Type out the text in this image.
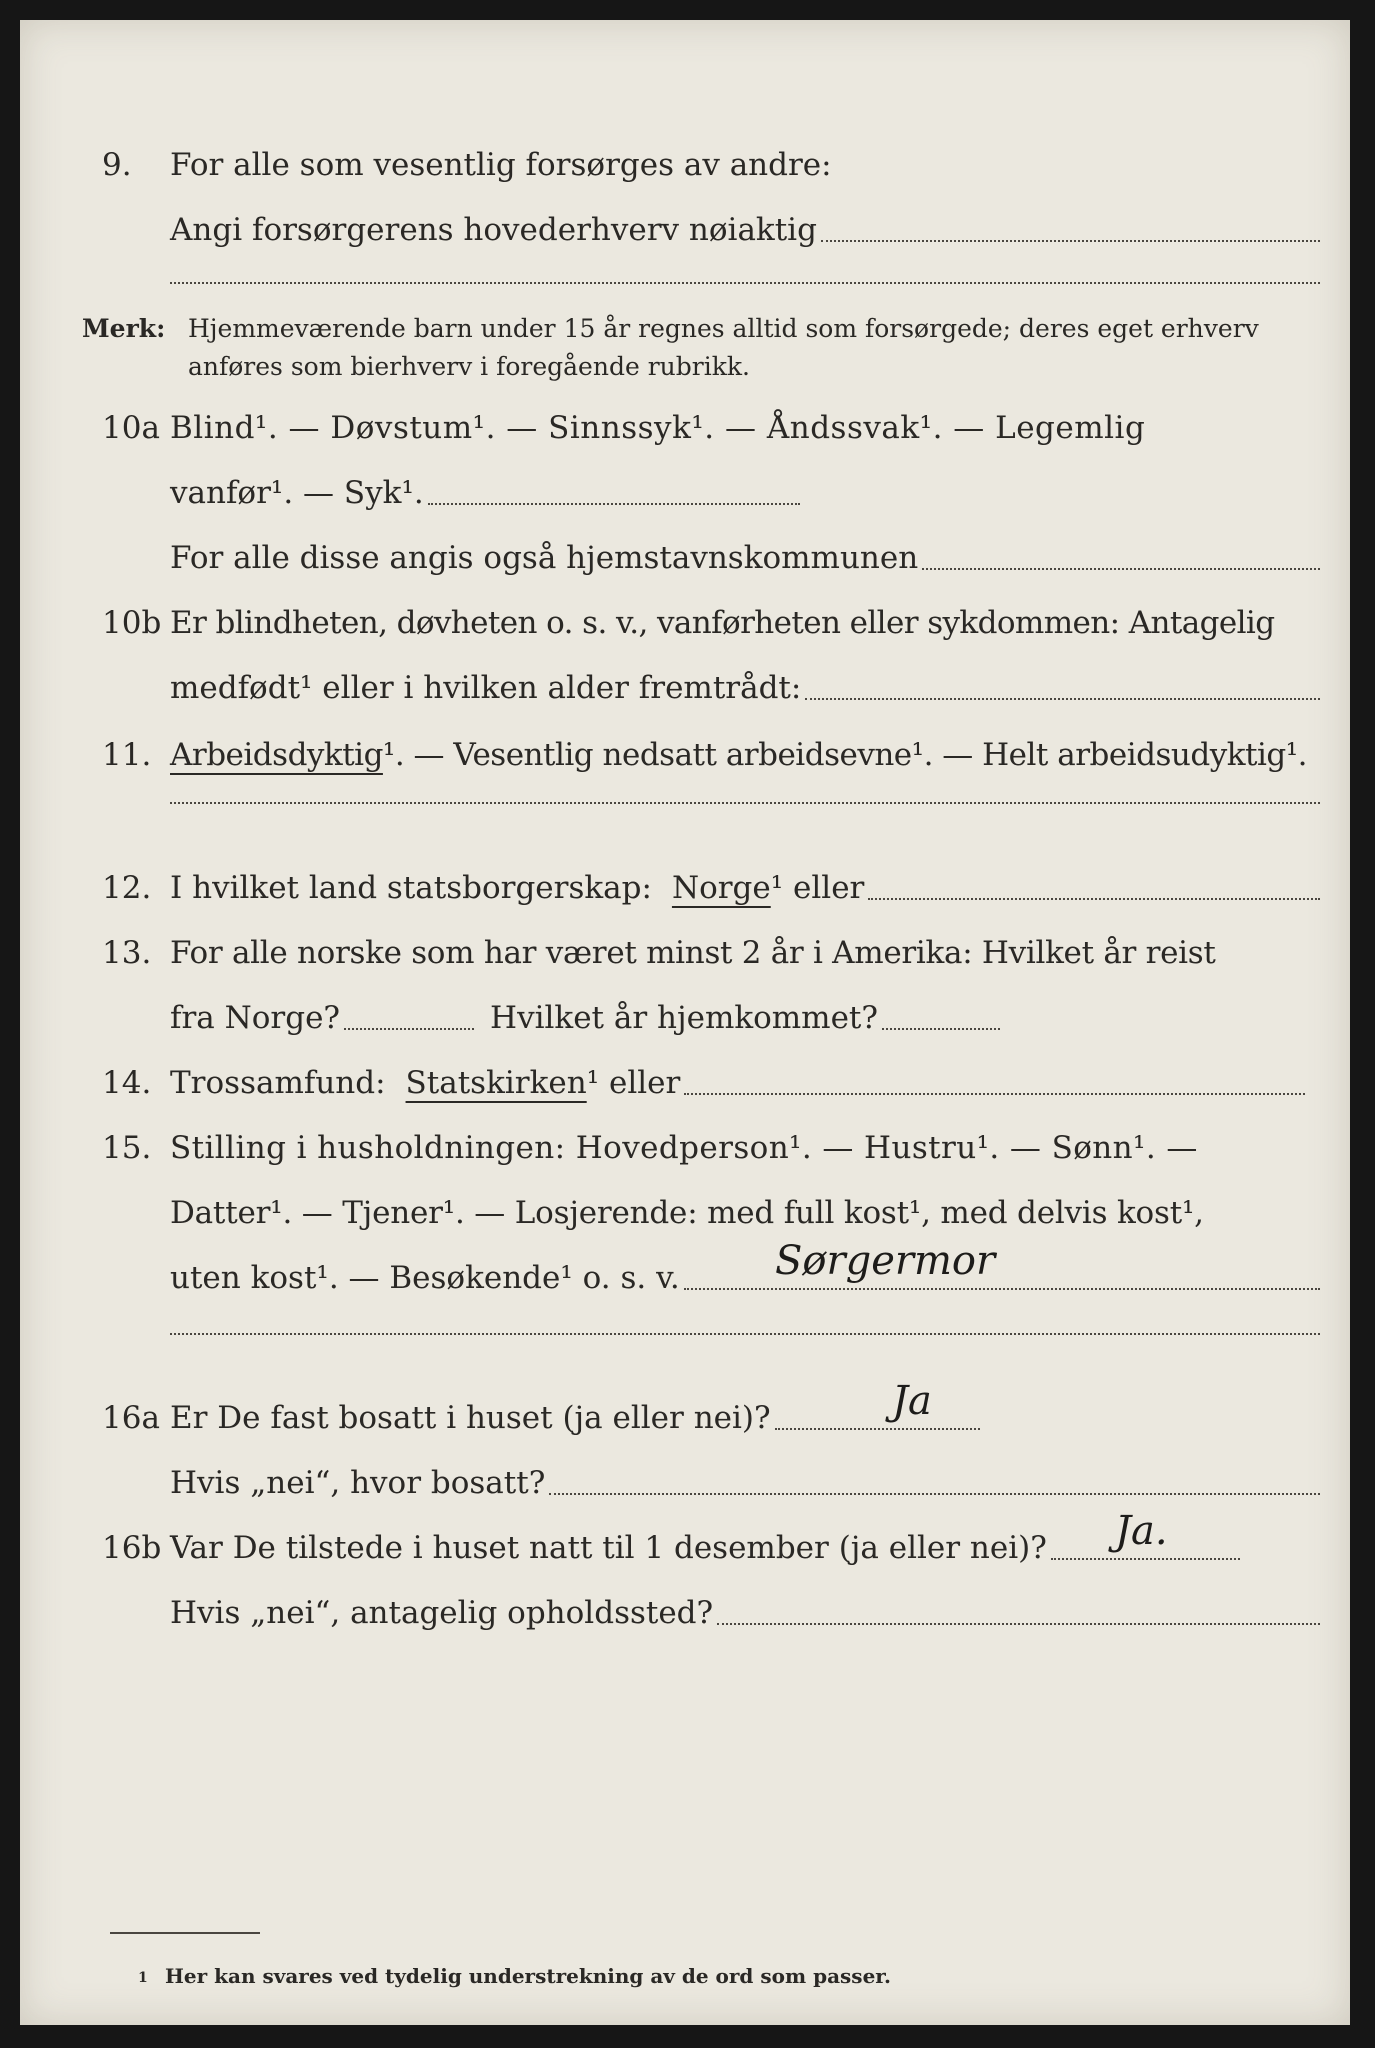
9.	For alle som vesentlig forsørges av andre:
Angi forsørgerens hovederhverv nøiaktig
Merk: Hjemmeværende barn under 15 år regnes alltid som forsørgede; deres eget erhverv
anføres som bierhverv i foregående rubrikk.
10a Blind¹. — Døvstum¹. — Sinnssyk¹. — Åndssvak¹. — Legemlig
vanfør¹. — Syk¹.
For alle disse angis også hjemstavnskommunen
10b Er blindheten, døvheten o. s. v., vanførheten eller sykdommen: Antagelig
medfødt¹ eller i hvilken alder fremtrådt:
11. Arbeidsdyktig ¹. — Vesentlig nedsatt arbeidsevne¹. — Helt arbeidsudyktig¹.
12. I hvilket land statsborgerskap: Norge ¹ eller
13. For alle norske som har været minst 2 år i Amerika: Hvilket år reist
fra Norge?	Hvilket år hjemkommet?
14. Trossamfund: Statskirken ¹ eller
15. Stilling i husholdningen: Hovedperson¹. — Hustru¹. — Sønn¹. —
Datter¹. — Tjener¹. — Losjerende: med full kost¹, med delvis kost¹,
uten kost¹. — Besøkende¹ o. s. v. Sørgermor
16a Er De fast bosatt i huset (ja eller nei)?	Ja
Hvis „nei“, hvor bosatt?
16b Var De tilstede i huset natt til 1 desember (ja eller nei)? Ja.
Hvis „nei“, antagelig opholdssted?
1 Her kan svares ved tydelig understrekning av de ord som passer.
